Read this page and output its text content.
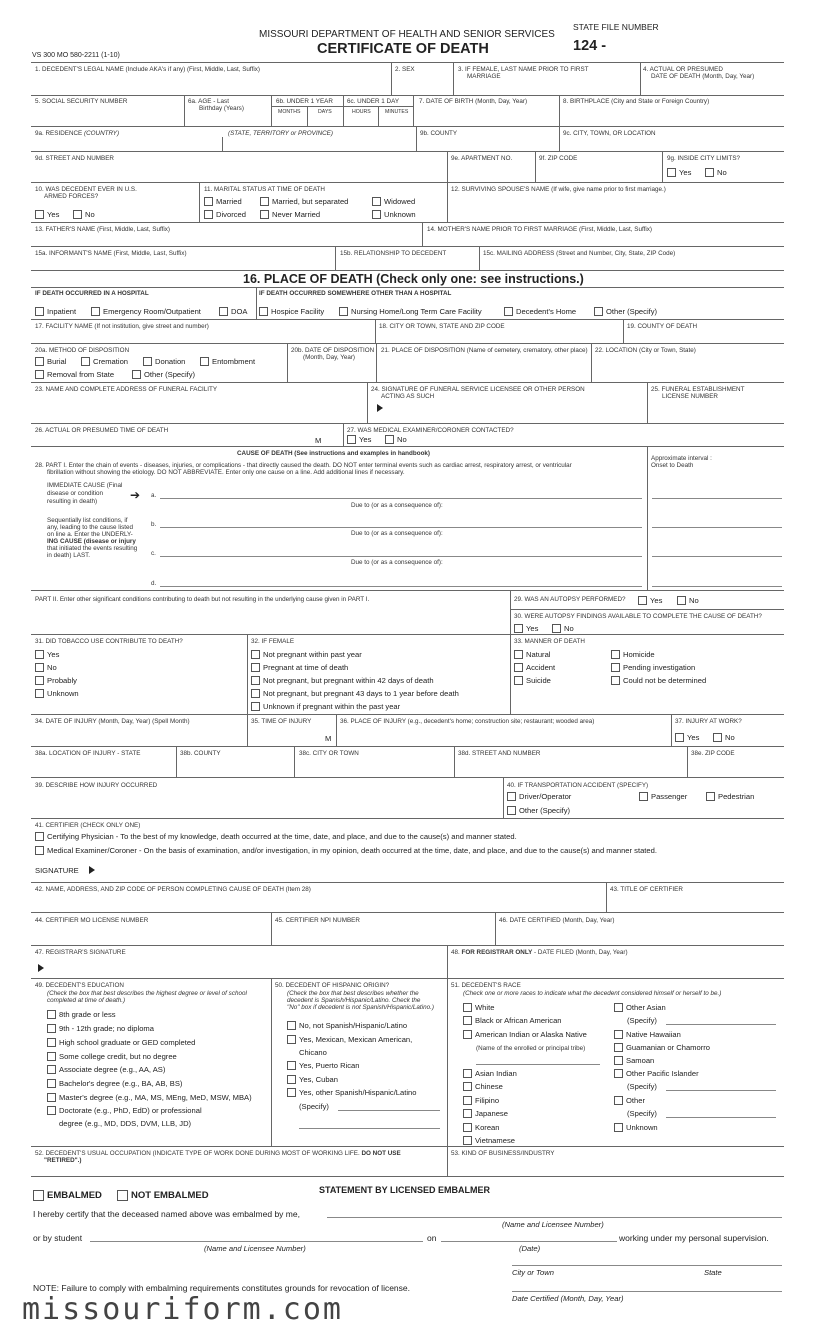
MISSOURI DEPARTMENT OF HEALTH AND SENIOR SERVICES
CERTIFICATE OF DEATH
STATE FILE NUMBER
124 -
VS 300 MO 580-2211 (1-10)
1. DECEDENT'S LEGAL NAME (Include AKA's if any) (First, Middle, Last, Suffix)	2. SEX	3. IF FEMALE, LAST NAME PRIOR TO FIRST
MARRIAGE
4. ACTUAL OR PRESUMED
DATE OF DEATH (Month, Day, Year)
5. SOCIAL SECURITY NUMBER	6a. AGE - Last
Birthday (Years)
6b. UNDER 1 YEAR
MONTHS	DAYS
6c. UNDER 1 DAY
HOURS	MINUTES
7. DATE OF BIRTH (Month, Day, Year)	8. BIRTHPLACE (City and State or Foreign Country)
9a. RESIDENCE (COUNTRY)	(STATE, TERRITORY or PROVINCE)	9b. COUNTY	9c. CITY, TOWN, OR LOCATION
9d. STREET AND NUMBER	9e. APARTMENT NO.	9f. ZIP CODE	9g. INSIDE CITY LIMITS?
Yes	No
10. WAS DECEDENT EVER IN U.S.
ARMED FORCES?
Yes	No
11. MARITAL STATUS AT TIME OF DEATH
Married	Married, but separated	Widowed
Divorced	Never Married	Unknown
12. SURVIVING SPOUSE'S NAME (If wife, give name prior to first marriage.)
13. FATHER'S NAME (First, Middle, Last, Suffix)	14. MOTHER'S NAME PRIOR TO FIRST MARRIAGE (First, Middle, Last, Suffix)
15a. INFORMANT'S NAME (First, Middle, Last, Suffix)	15b. RELATIONSHIP TO DECEDENT	15c. MAILING ADDRESS (Street and Number, City, State, ZIP Code)
16. PLACE OF DEATH (Check only one: see instructions.)
IF DEATH OCCURRED IN A HOSPITAL	IF DEATH OCCURRED SOMEWHERE OTHER THAN A HOSPITAL
Inpatient	Emergency Room/Outpatient	DOA	Hospice Facility	Nursing Home/Long Term Care Facility	Decedent's Home	Other (Specify)
17. FACILITY NAME (If not institution, give street and number)	18. CITY OR TOWN, STATE AND ZIP CODE	19. COUNTY OF DEATH
20a. METHOD OF DISPOSITION
Burial	Cremation	Donation	Entombment
Removal from State	Other (Specify)
20b. DATE OF DISPOSITION
(Month, Day, Year)
21. PLACE OF DISPOSITION (Name of cemetery, crematory, other place) 22. LOCATION (City or Town, State)
23. NAME AND COMPLETE ADDRESS OF FUNERAL FACILITY	24. SIGNATURE OF FUNERAL SERVICE LICENSEE OR OTHER PERSON
ACTING AS SUCH
25. FUNERAL ESTABLISHMENT
LICENSE NUMBER
26. ACTUAL OR PRESUMED TIME OF DEATH
M
27. WAS MEDICAL EXAMINER/CORONER CONTACTED?
Yes	No
CAUSE OF DEATH (See instructions and examples in handbook)
Approximate interval :
Onset to Death
28. PART I. Enter the chain of events - diseases, injuries, or complications - that directly caused the death. DO NOT enter terminal events such as cardiac arrest, respiratory arrest, or ventricular
fibrillation without showing the etiology. DO NOT ABBREVIATE. Enter only one cause on a line. Add additional lines if necessary.
IMMEDIATE CAUSE (Final
disease or condition
resulting in death)	➔ a.
Due to (or as a consequence of):
Sequentially list conditions, if
any, leading to the cause listed
on line a. Enter the UNDERLY-
ING CAUSE (disease or injury
that initiated the events resulting
in death) LAST.
b.
Due to (or as a consequence of):
c.
Due to (or as a consequence of):
d.
PART II. Enter other significant conditions contributing to death but not resulting in the underlying cause given in PART I.	29. WAS AN AUTOPSY PERFORMED?	Yes	No
30. WERE AUTOPSY FINDINGS AVAILABLE TO COMPLETE THE CAUSE OF DEATH?
Yes	No
31. DID TOBACCO USE CONTRIBUTE TO DEATH?
Yes
No
Probably
Unknown
32. IF FEMALE
Not pregnant within past year
Pregnant at time of death
Not pregnant, but pregnant within 42 days of death
Not pregnant, but pregnant 43 days to 1 year before death
Unknown if pregnant within the past year
33. MANNER OF DEATH
Natural	Homicide
Accident	Pending investigation
Suicide	Could not be determined
34. DATE OF INJURY (Month, Day, Year) (Spell Month)	35. TIME OF INJURY
M
36. PLACE OF INJURY (e.g., decedent's home; construction site; restaurant; wooded area)	37. INJURY AT WORK?
Yes	No
38a. LOCATION OF INJURY - STATE	38b. COUNTY	38c. CITY OR TOWN	38d. STREET AND NUMBER	38e. ZIP CODE
39. DESCRIBE HOW INJURY OCCURRED	40. IF TRANSPORTATION ACCIDENT (SPECIFY)
Driver/Operator	Passenger	Pedestrian
Other (Specify)
41. CERTIFIER (CHECK ONLY ONE)
Certifying Physician - To the best of my knowledge, death occurred at the time, date, and place, and due to the cause(s) and manner stated.
Medical Examiner/Coroner - On the basis of examination, and/or investigation, in my opinion, death occurred at the time, date, and place, and due to the cause(s) and manner stated.
SIGNATURE
42. NAME, ADDRESS, AND ZIP CODE OF PERSON COMPLETING CAUSE OF DEATH (Item 28)	43. TITLE OF CERTIFIER
44. CERTIFIER MO LICENSE NUMBER	45. CERTIFIER NPI NUMBER	46. DATE CERTIFIED (Month, Day, Year)
47. REGISTRAR'S SIGNATURE	48. FOR REGISTRAR ONLY - DATE FILED (Month, Day, Year)
49. DECEDENT'S EDUCATION
(Check the box that best describes the highest degree or level of school
completed at time of death.)
8th grade or less
9th - 12th grade; no diploma
High school graduate or GED completed
Some college credit, but no degree
Associate degree (e.g., AA, AS)
Bachelor's degree (e.g., BA, AB, BS)
Master's degree (e.g., MA, MS, MEng, MeD, MSW, MBA)
Doctorate (e.g., PhD, EdD) or professional
degree (e.g., MD, DDS, DVM, LLB, JD)
50. DECEDENT OF HISPANIC ORIGIN?
(Check the box that best describes whether the
decedent is Spanish/Hispanic/Latino. Check the
"No" box if decedent is not Spanish/Hispanic/Latino.)
No, not Spanish/Hispanic/Latino
Yes, Mexican, Mexican American,
Chicano
Yes, Puerto Rican
Yes, Cuban
Yes, other Spanish/Hispanic/Latino
(Specify)
51. DECEDENT'S RACE
(Check one or more races to indicate what the decedent considered himself or herself to be.)
White
Black or African American
American Indian or Alaska Native
(Name of the enrolled or principal tribe)
Asian Indian
Chinese
Filipino
Japanese
Korean
Vietnamese
Other Asian
(Specify)
Native Hawaiian
Guamanian or Chamorro
Samoan
Other Pacific Islander
(Specify)
Other
(Specify)
Unknown
52. DECEDENT'S USUAL OCCUPATION (INDICATE TYPE OF WORK DONE DURING MOST OF WORKING LIFE. DO NOT USE
"RETIRED".)
53. KIND OF BUSINESS/INDUSTRY
EMBALMED	NOT EMBALMED	STATEMENT BY LICENSED EMBALMER
I hereby certify that the deceased named above was embalmed by me,
(Name and Licensee Number)
or by student	on	working under my personal supervision.
(Name and Licensee Number)	(Date)
City or Town	State
NOTE: Failure to comply with embalming requirements constitutes grounds for revocation of license.
Date Certified (Month, Day, Year)
missouriform.com
